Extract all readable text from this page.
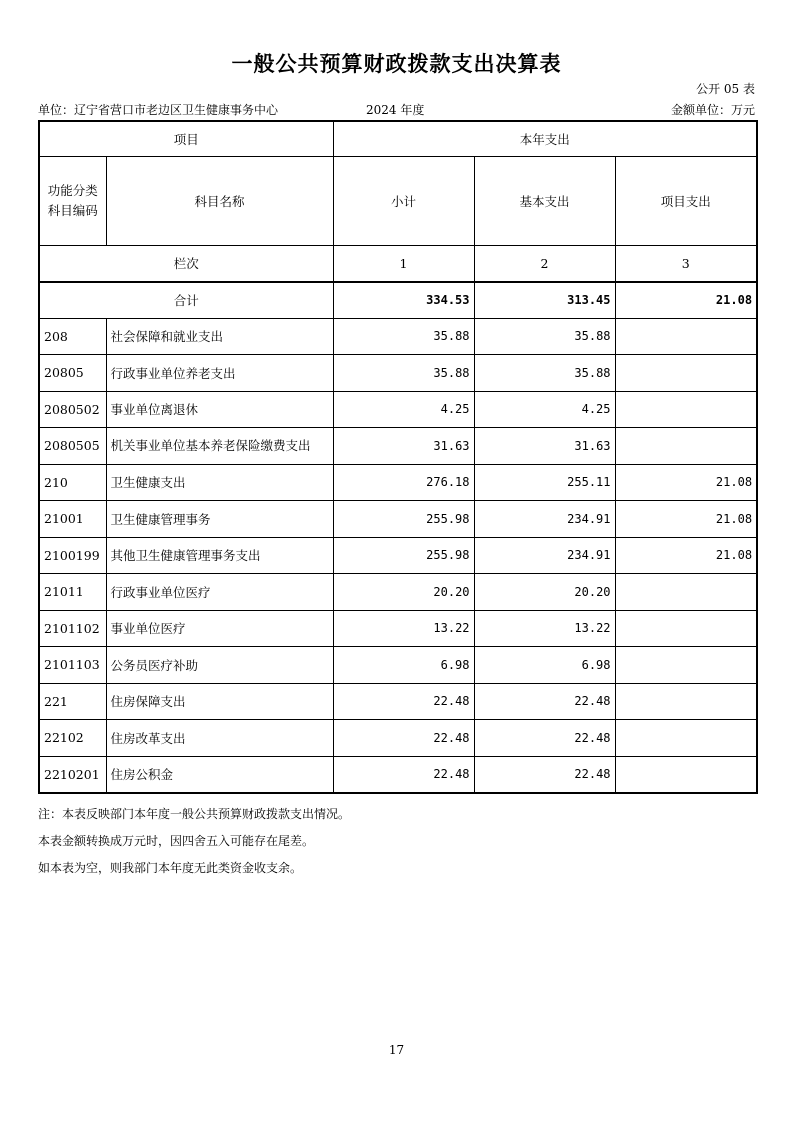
一般公共预算财政拨款支出决算表
公开 05 表
单位：辽宁省营口市老边区卫生健康事务中心	2024 年度	金额单位：万元
项目		本年支出		

功能分类
科目编码	科目名称	小计	基本支出	项目支出
栏次		1	2	3
合计		334.53	313.45	21.08
208	社会保障和就业支出	35.88	35.88	
20805	行政事业单位养老支出	35.88	35.88	
2080502	事业单位离退休	4.25	4.25	
2080505	机关事业单位基本养老保险缴费支出	31.63	31.63	
210	卫生健康支出	276.18	255.11	21.08
21001	卫生健康管理事务	255.98	234.91	21.08
2100199	其他卫生健康管理事务支出	255.98	234.91	21.08
21011	行政事业单位医疗	20.20	20.20	
2101102	事业单位医疗	13.22	13.22	
2101103	公务员医疗补助	6.98	6.98	
221	住房保障支出	22.48	22.48	
22102	住房改革支出	22.48	22.48	
2210201	住房公积金	22.48	22.48	
注：本表反映部门本年度一般公共预算财政拨款支出情况。
本表金额转换成万元时，因四舍五入可能存在尾差。
如本表为空，则我部门本年度无此类资金收支余。
17
